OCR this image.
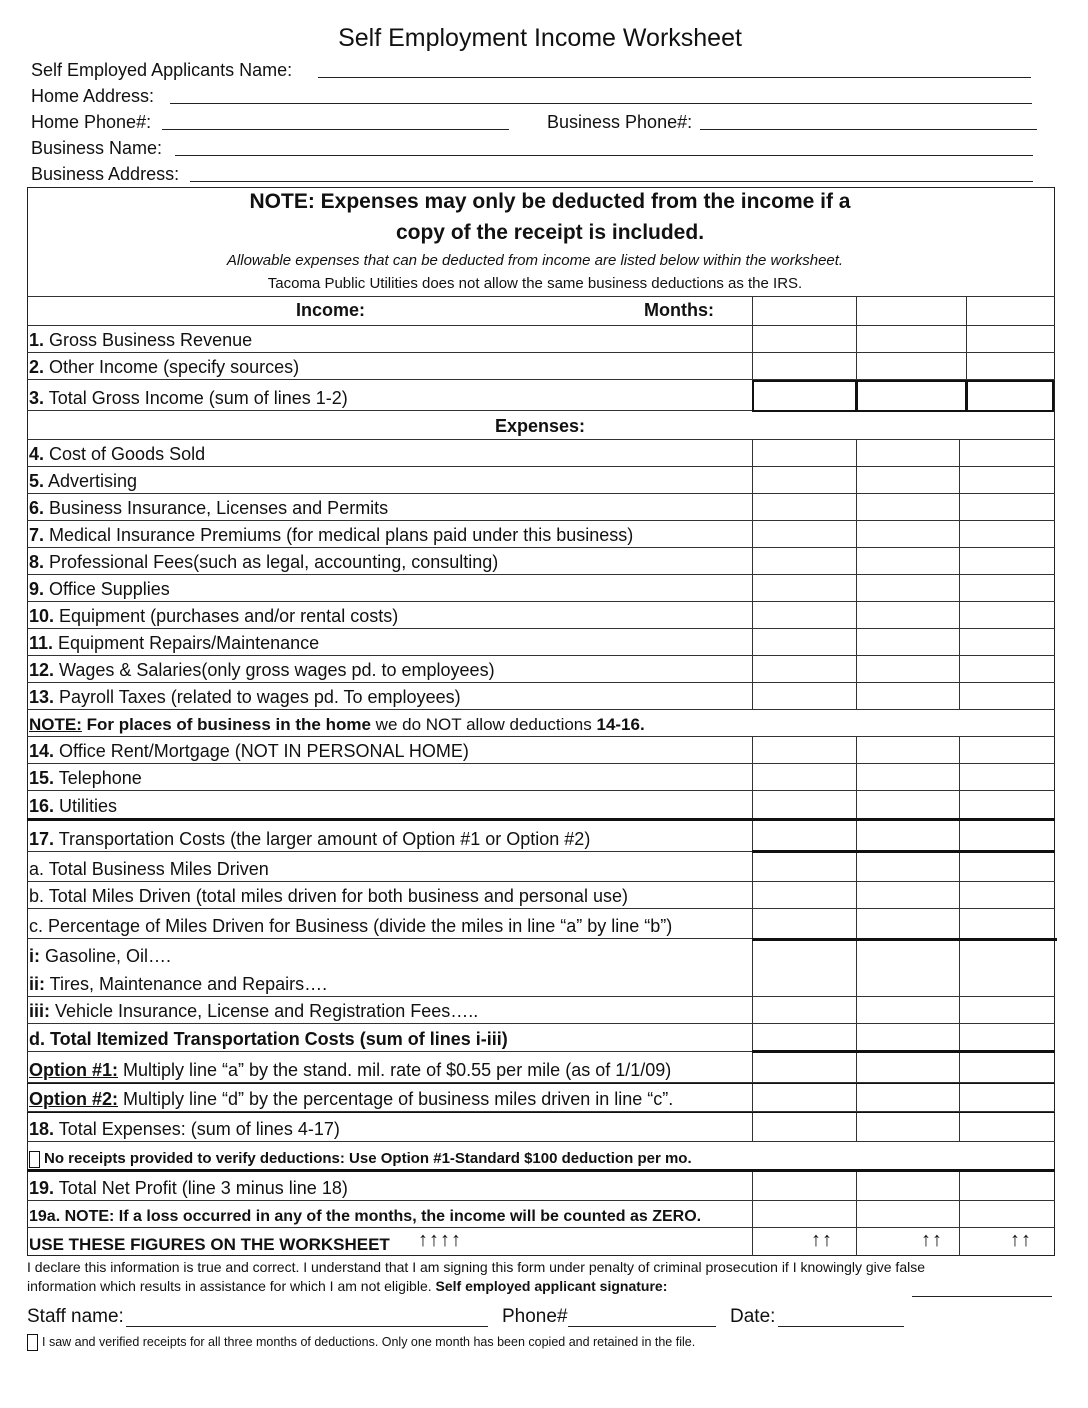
Self Employment Income Worksheet
Self Employed Applicants Name:
Home Address:
Home Phone#:	Business Phone#:
Business Name:
Business Address:
NOTE: Expenses may only be deducted from the income if a
copy of the receipt is included.
Allowable expenses that can be deducted from income are listed below within the worksheet.
Tacoma Public Utilities does not allow the same business deductions as the IRS.
Income:	Months:
1. Gross Business Revenue
2. Other Income (specify sources)
3. Total Gross Income (sum of lines 1-2)
Expenses:
4. Cost of Goods Sold
5. Advertising
6. Business Insurance, Licenses and Permits
7. Medical Insurance Premiums (for medical plans paid under this business)
8. Professional Fees(such as legal, accounting, consulting)
9. Office Supplies
10. Equipment (purchases and/or rental costs)
11. Equipment Repairs/Maintenance
12. Wages & Salaries(only gross wages pd. to employees)
13. Payroll Taxes (related to wages pd. To employees)
NOTE: For places of business in the home we do NOT allow deductions 14-16.
14. Office Rent/Mortgage (NOT IN PERSONAL HOME)
15. Telephone
16. Utilities
17. Transportation Costs (the larger amount of Option #1 or Option #2)
a. Total Business Miles Driven
b. Total Miles Driven (total miles driven for both business and personal use)
c. Percentage of Miles Driven for Business (divide the miles in line “a” by line “b”)
i: Gasoline, Oil….
ii: Tires, Maintenance and Repairs….
iii: Vehicle Insurance, License and Registration Fees…..
d. Total Itemized Transportation Costs (sum of lines i-iii)
Option #1: Multiply line “a” by the stand. mil. rate of $0.55 per mile (as of 1/1/09)
Option #2: Multiply line “d” by the percentage of business miles driven in line “c”.
18. Total Expenses: (sum of lines 4-17)
No receipts provided to verify deductions: Use Option #1-Standard $100 deduction per mo.
19. Total Net Profit (line 3 minus line 18)
19a. NOTE: If a loss occurred in any of the months, the income will be counted as ZERO.
USE THESE FIGURES ON THE WORKSHEET ↑↑↑↑	↑↑	↑↑	↑↑
I declare this information is true and correct. I understand that I am signing this form under penalty of criminal prosecution if I knowingly give false
information which results in assistance for which I am not eligible. Self employed applicant signature:
Staff name:	Phone#	Date:
I saw and verified receipts for all three months of deductions. Only one month has been copied and retained in the file.
